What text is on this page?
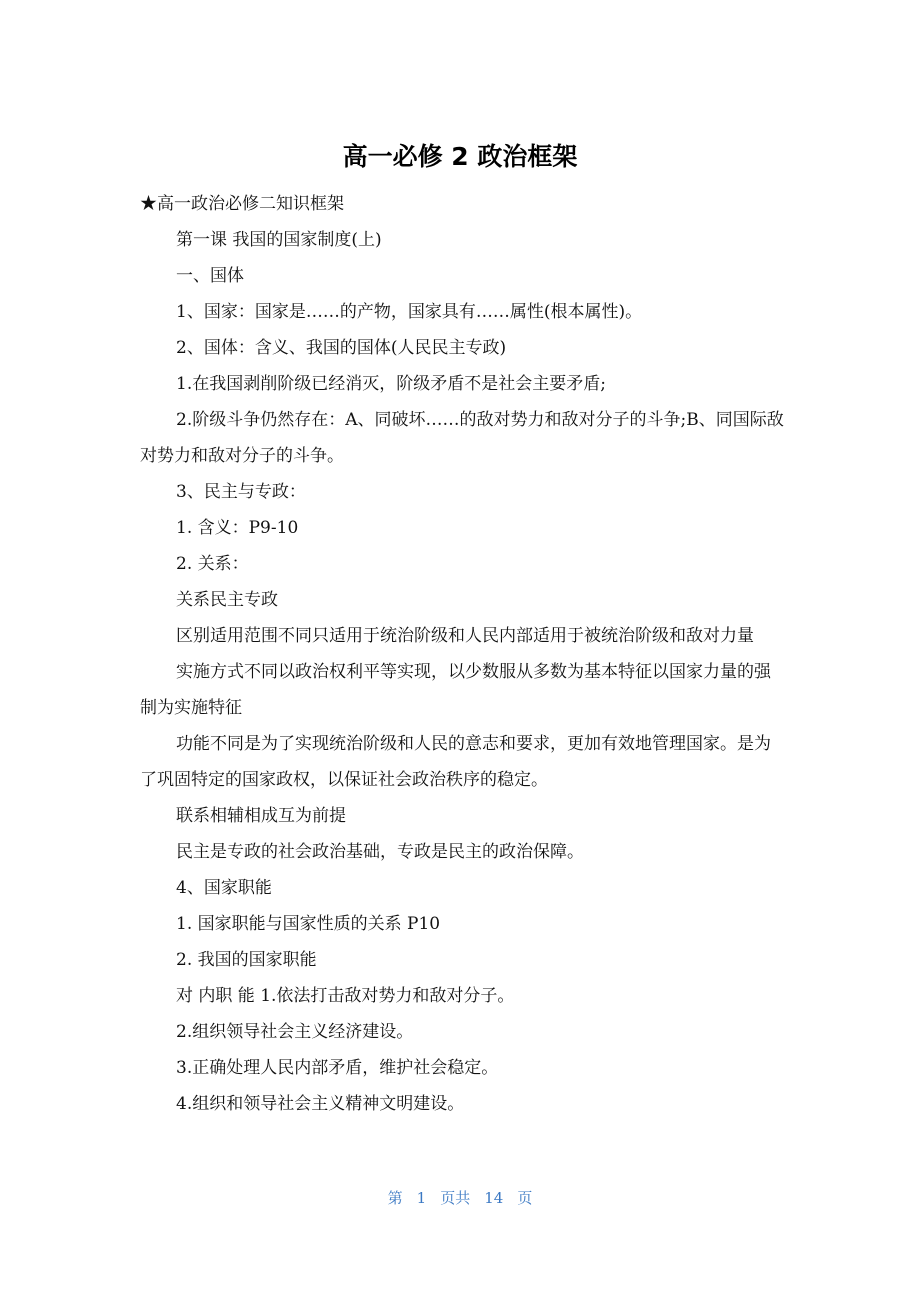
高一必修 2 政治框架

★高一政治必修二知识框架

第一课 我国的国家制度(上)

一、国体

1、国家：国家是……的产物，国家具有……属性(根本属性)。

2、国体：含义、我国的国体(人民民主专政)

1.在我国剥削阶级已经消灭，阶级矛盾不是社会主要矛盾;

2.阶级斗争仍然存在：A、同破坏……的敌对势力和敌对分子的斗争;B、同国际敌对势力和敌对分子的斗争。

3、民主与专政：

1. 含义：P9-10

2. 关系：

关系民主专政

区别适用范围不同只适用于统治阶级和人民内部适用于被统治阶级和敌对力量

实施方式不同以政治权利平等实现，以少数服从多数为基本特征以国家力量的强制为实施特征

功能不同是为了实现统治阶级和人民的意志和要求，更加有效地管理国家。是为了巩固特定的国家政权，以保证社会政治秩序的稳定。

联系相辅相成互为前提

民主是专政的社会政治基础，专政是民主的政治保障。

4、国家职能

1. 国家职能与国家性质的关系 P10

2. 我国的国家职能

对 内职 能 1.依法打击敌对势力和敌对分子。

2.组织领导社会主义经济建设。

3.正确处理人民内部矛盾，维护社会稳定。

4.组织和领导社会主义精神文明建设。

第 1 页共 14 页
